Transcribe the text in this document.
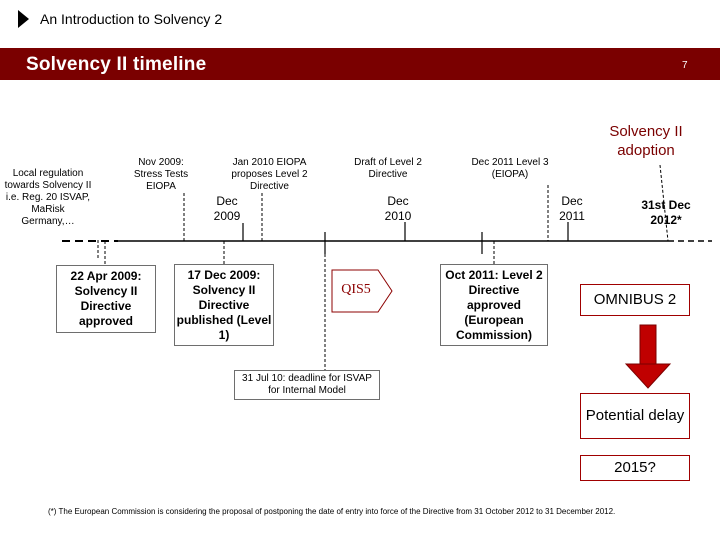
An Introduction to Solvency 2
Solvency II timeline	7
Local regulation towards Solvency II i.e. Reg. 20 ISVAP, MaRisk Germany,…
Nov 2009: Stress Tests EIOPA
Jan 2010 EIOPA proposes Level 2 Directive
Draft of Level 2 Directive
Dec 2011 Level 3 (EIOPA)
Dec 2009
Dec 2010
Dec 2011
31st Dec 2012*
Solvency II adoption
22 Apr 2009: Solvency II Directive approved
17 Dec 2009: Solvency II Directive published (Level 1)
QIS5
Oct 2011: Level 2 Directive approved (European Commission)
31 Jul 10: deadline for ISVAP for Internal Model
OMNIBUS 2
Potential delay
2015?
(*) The European Commission is considering the proposal of postponing the date of entry into force of the Directive from 31 October 2012 to 31 December 2012.
